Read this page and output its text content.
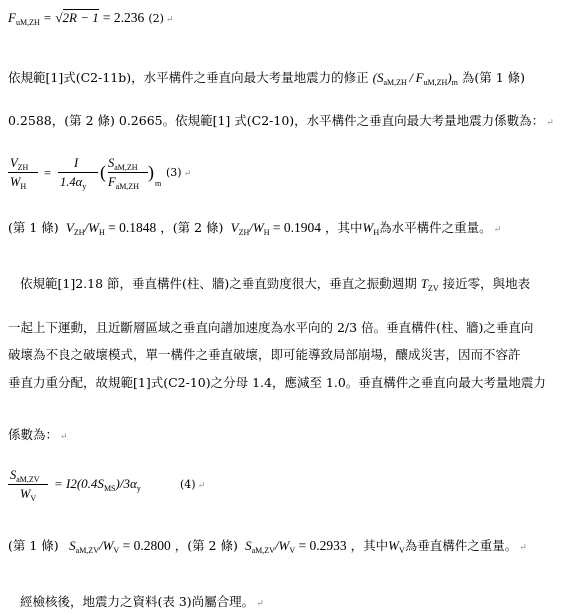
$F_{uM,ZH} = √2R - 1 = 2.236$ (2) ↵
依規範[1]式(C2-11b)，水平構件之垂直向最大考量地震力的修正 $(S_{aM,ZH} / F_{uM,ZH})_m$ 為(第 1 條)
0.2588，(第 2 條) 0.2665。依規範[1] 式(C2-10)，水平構件之垂直向最大考量地震力係數為： ↵
$V_{ZH}$
$W_H$
=
I
$1.4\alpha_y$
( $S_{aM,ZH}$
$F_{aM,ZH}$
)
$_m$
(3) ↵
(第 1 條) $V_{ZH}/W_H = 0.1848$ ，(第 2 條) $V_{ZH}/W_H = 0.1904$ ，其中$W_H$為水平構件之重量。 ↵
依規範[1]2.18 節，垂直構件(柱、牆)之垂直勁度很大，垂直之振動週期 $T_{ZV}$ 接近零，與地表
一起上下運動，且近斷層區域之垂直向譜加速度為水平向的 2/3 倍。垂直構件(柱、牆)之垂直向
破壞為不良之破壞模式，單一構件之垂直破壞，即可能導致局部崩場，釀成災害，因而不容許
垂直力重分配，故規範[1]式(C2-10)之分母 1.4，應減至 1.0。垂直構件之垂直向最大考量地震力
係數為： ↵
$S_{aM,ZV}$
$W_V$
= $I2(0.4S_{MS})/3\alpha_y$	(4) ↵
(第 1 條) $S_{aM,ZV}/W_V = 0.2800$ ，(第 2 條) $S_{aM,ZV}/W_V = 0.2933$ ，其中$W_V$為垂直構件之重量。 ↵
經檢核後，地震力之資料(表 3)尚屬合理。 ↵
